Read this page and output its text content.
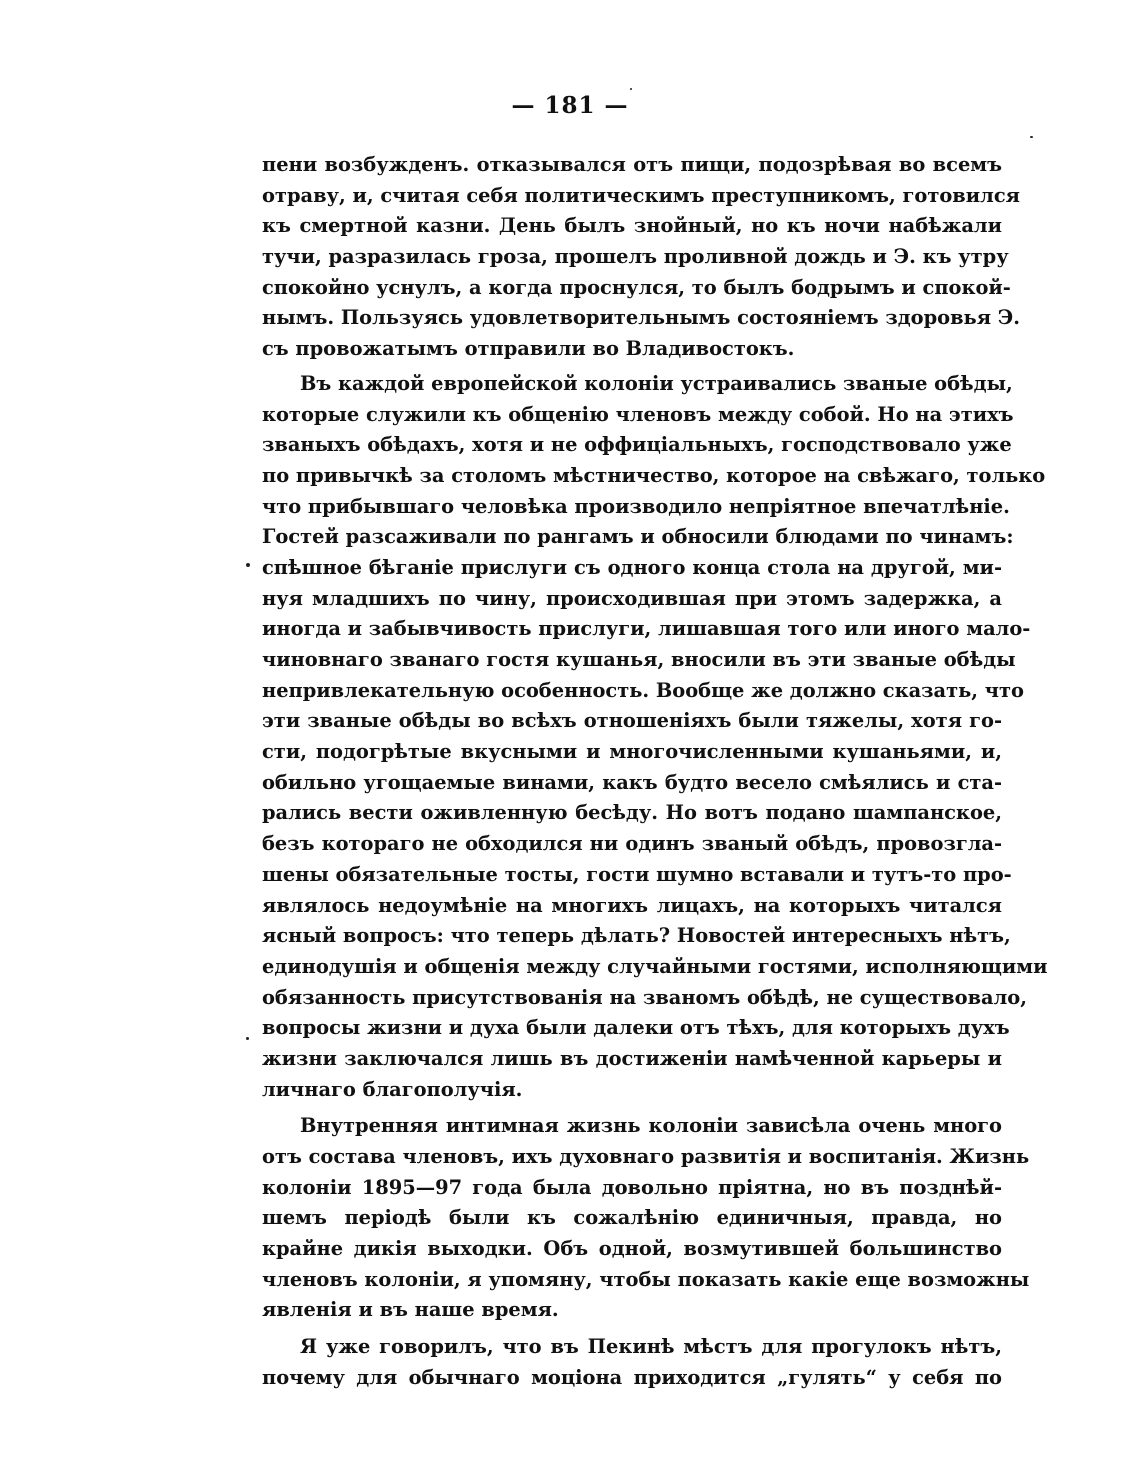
— 181 —
пени возбужденъ. отказывался отъ пищи, подозрѣвая во всемъ
отраву, и, считая себя политическимъ преступникомъ, готовился
къ смертной казни. День былъ знойный, но къ ночи набѣжали
тучи, разразилась гроза, прошелъ проливной дождь и Э. къ утру
спокойно уснулъ, а когда проснулся, то былъ бодрымъ и спокой-
нымъ. Пользуясь удовлетворительнымъ состояніемъ здоровья Э.
съ провожатымъ отправили во Владивостокъ.
Въ каждой европейской колоніи устраивались званые обѣды,
которые служили къ общенію членовъ между собой. Но на этихъ
званыхъ обѣдахъ, хотя и не оффиціальныхъ, господствовало уже
по привычкѣ за столомъ мѣстничество, которое на свѣжаго, только
что прибывшаго человѣка производило непріятное впечатлѣніе.
Гостей разсаживали по рангамъ и обносили блюдами по чинамъ:
спѣшное бѣганіе прислуги съ одного конца стола на другой, ми-
нуя младшихъ по чину, происходившая при этомъ задержка, а
иногда и забывчивость прислуги, лишавшая того или иного мало-
чиновнаго званаго гостя кушанья, вносили въ эти званые обѣды
непривлекательную особенность. Вообще же должно сказать, что
эти званые обѣды во всѣхъ отношеніяхъ были тяжелы, хотя го-
сти, подогрѣтые вкусными и многочисленными кушаньями, и,
обильно угощаемые винами, какъ будто весело смѣялись и ста-
рались вести оживленную бесѣду. Но вотъ подано шампанское,
безъ котораго не обходился ни одинъ званый обѣдъ, провозгла-
шены обязательные тосты, гости шумно вставали и тутъ-то про-
являлось недоумѣніе на многихъ лицахъ, на которыхъ читался
ясный вопросъ: что теперь дѣлать? Новостей интересныхъ нѣтъ,
единодушія и общенія между случайными гостями, исполняющими
обязанность присутствованія на званомъ обѣдѣ, не существовало,
вопросы жизни и духа были далеки отъ тѣхъ, для которыхъ духъ
жизни заключался лишь въ достиженіи намѣченной карьеры и
личнаго благополучія.
Внутренняя интимная жизнь колоніи зависѣла очень много
отъ состава членовъ, ихъ духовнаго развитія и воспитанія. Жизнь
колоніи 1895—97 года была довольно пріятна, но въ позднѣй-
шемъ періодѣ были къ сожалѣнію единичныя, правда, но
крайне дикія выходки. Объ одной, возмутившей большинство
членовъ колоніи, я упомяну, чтобы показать какіе еще возможны
явленія и въ наше время.
Я уже говорилъ, что въ Пекинѣ мѣстъ для прогулокъ нѣтъ,
почему для обычнаго моціона приходится „гулять“ у себя по
